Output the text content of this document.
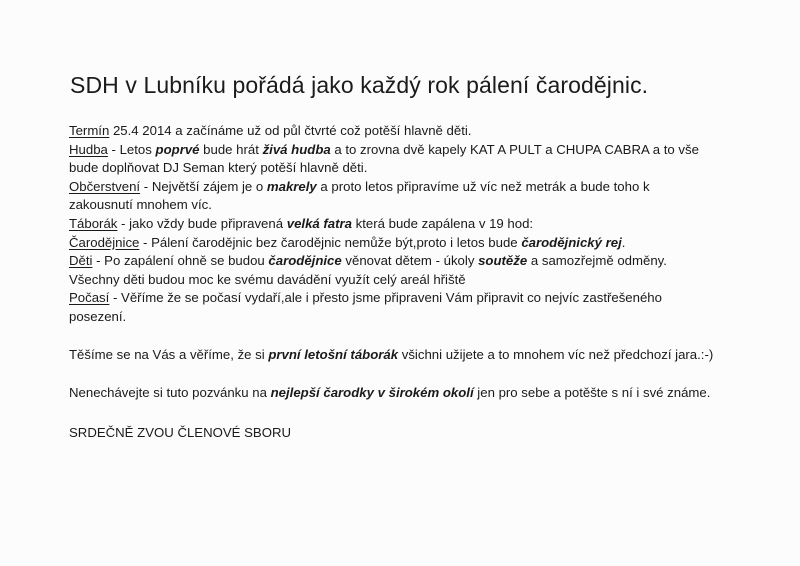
SDH v Lubníku pořádá jako každý rok pálení čarodějnic.
Termín 25.4 2014 a začínáme už od půl čtvrté což potěší hlavně děti.
Hudba - Letos poprvé bude hrát živá hudba a to zrovna dvě kapely KAT A PULT a CHUPA CABRA a to vše
bude doplňovat DJ Seman který potěší hlavně děti.
Občerstvení - Největší zájem je o makrely a proto letos připravíme už víc než metrák a bude toho k
zakousnutí mnohem víc.
Táborák - jako vždy bude připravená velká fatra která bude zapálena v 19 hod:
Čarodějnice - Pálení čarodějnic bez čarodějnic nemůže být,proto i letos bude čarodějnický rej.
Děti - Po zapálení ohně se budou čarodějnice věnovat dětem - úkoly soutěže a samozřejmě odměny.
Všechny děti budou moc ke svému davádění využít celý areál hřiště
Počasí - Věříme že se počasí vydaří,ale i přesto jsme připraveni Vám připravit co nejvíc zastřešeného
posezení.
Těšíme se na Vás a věříme, že si první letošní táborák všichni užijete a to mnohem víc než předchozí jara.:-)
Nenechávejte si tuto pozvánku na nejlepší čarodky v širokém okolí jen pro sebe a potěšte s ní i své známe.
SRDEČNĚ ZVOU ČLENOVÉ SBORU
